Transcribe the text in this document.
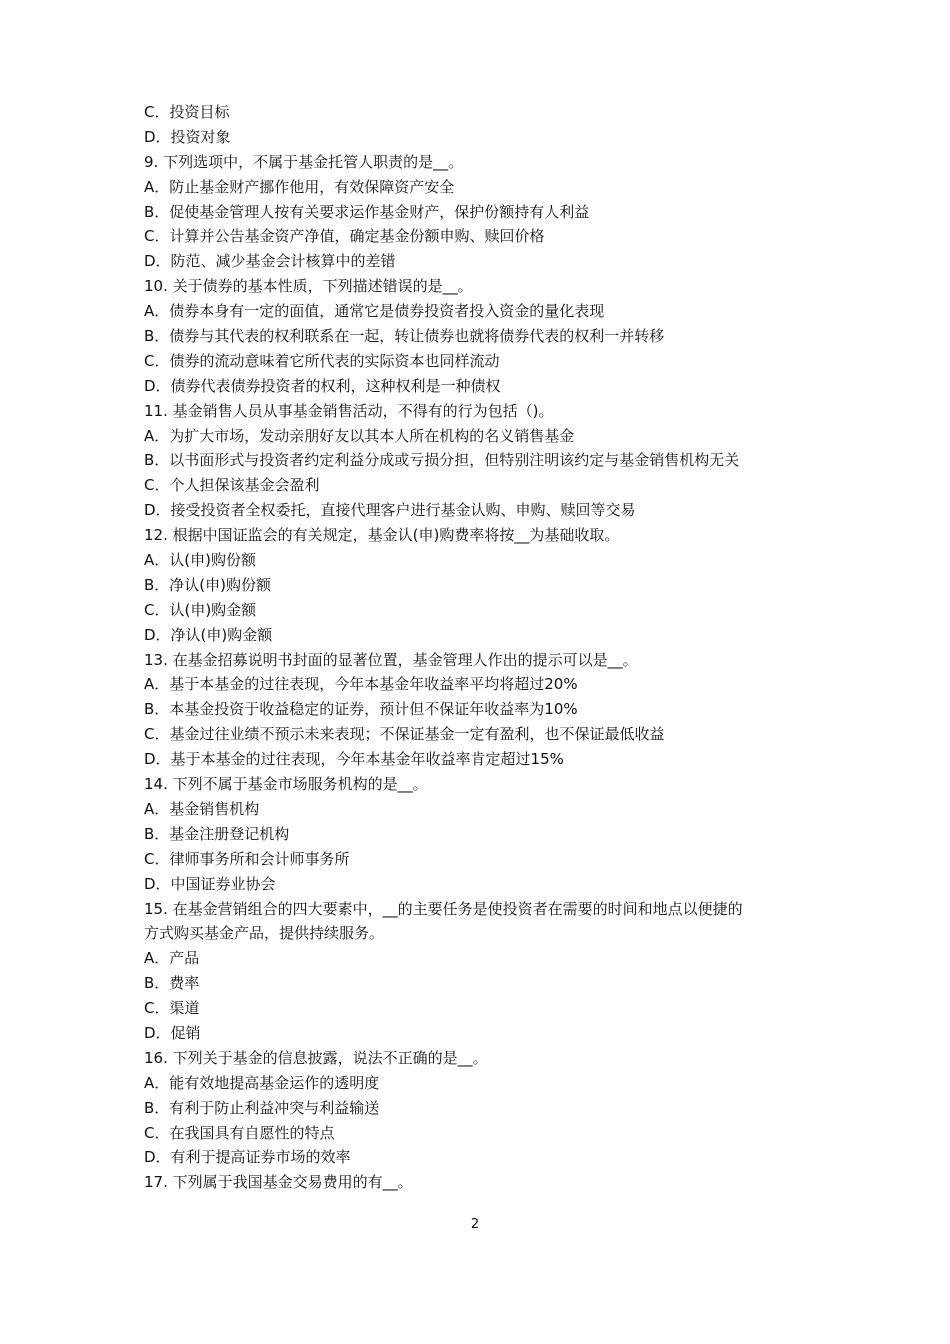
C．投资目标
D．投资对象
9. 下列选项中，不属于基金托管人职责的是__。
A．防止基金财产挪作他用，有效保障资产安全
B．促使基金管理人按有关要求运作基金财产，保护份额持有人利益
C．计算并公告基金资产净值，确定基金份额申购、赎回价格
D．防范、减少基金会计核算中的差错
10. 关于债券的基本性质，下列描述错误的是__。
A．债券本身有一定的面值，通常它是债券投资者投入资金的量化表现
B．债券与其代表的权利联系在一起，转让债券也就将债券代表的权利一并转移
C．债券的流动意味着它所代表的实际资本也同样流动
D．债券代表债券投资者的权利，这种权利是一种债权
11. 基金销售人员从事基金销售活动，不得有的行为包括（)。
A．为扩大市场，发动亲朋好友以其本人所在机构的名义销售基金
B．以书面形式与投资者约定利益分成或亏损分担，但特别注明该约定与基金销售机构无关
C．个人担保该基金会盈利
D．接受投资者全权委托，直接代理客户进行基金认购、申购、赎回等交易
12. 根据中国证监会的有关规定，基金认(申)购费率将按__为基础收取。
A．认(申)购份额
B．净认(申)购份额
C．认(申)购金额
D．净认(申)购金额
13. 在基金招募说明书封面的显著位置，基金管理人作出的提示可以是__。
A．基于本基金的过往表现，今年本基金年收益率平均将超过20%
B．本基金投资于收益稳定的证券，预计但不保证年收益率为10%
C．基金过往业绩不预示未来表现；不保证基金一定有盈利，也不保证最低收益
D．基于本基金的过往表现，今年本基金年收益率肯定超过15%
14. 下列不属于基金市场服务机构的是__。
A．基金销售机构
B．基金注册登记机构
C．律师事务所和会计师事务所
D．中国证券业协会
15. 在基金营销组合的四大要素中，__的主要任务是使投资者在需要的时间和地点以便捷的
方式购买基金产品，提供持续服务。
A．产品
B．费率
C．渠道
D．促销
16. 下列关于基金的信息披露，说法不正确的是__。
A．能有效地提高基金运作的透明度
B．有利于防止利益冲突与利益输送
C．在我国具有自愿性的特点
D．有利于提高证券市场的效率
17. 下列属于我国基金交易费用的有__。
2
